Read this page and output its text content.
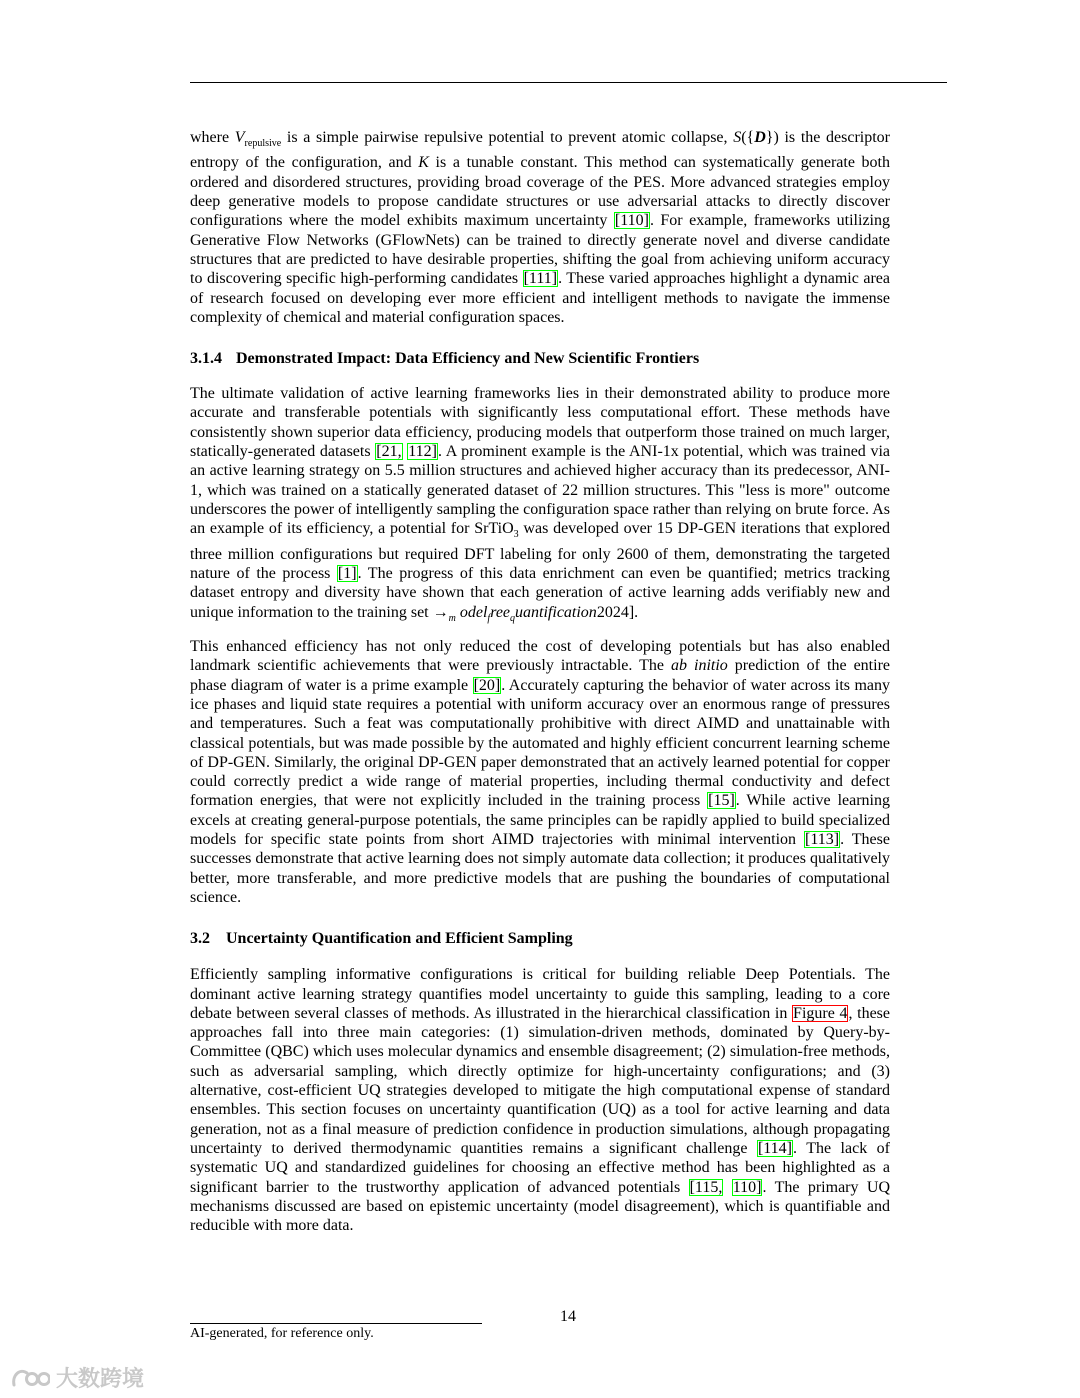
where $V_{repulsive}$ is a simple pairwise repulsive potential to prevent atomic collapse, S({D}) is the descriptor entropy of the configuration, and K is a tunable constant. This method can systematically generate both ordered and disordered structures, providing broad coverage of the PES. More advanced strategies employ deep generative models to propose candidate structures or use adversarial attacks to directly discover configurations where the model exhibits maximum uncertainty [110]. For example, frameworks utilizing Generative Flow Networks (GFlowNets) can be trained to directly generate novel and diverse candidate structures that are predicted to have desirable properties, shifting the goal from achieving uniform accuracy to discovering specific high-performing candidates [111]. These varied approaches highlight a dynamic area of research focused on developing ever more efficient and intelligent methods to navigate the immense complexity of chemical and material configuration spaces.

3.1.4 Demonstrated Impact: Data Efficiency and New Scientific Frontiers

The ultimate validation of active learning frameworks lies in their demonstrated ability to produce more accurate and transferable potentials with significantly less computational effort. These methods have consistently shown superior data efficiency, producing models that outperform those trained on much larger, statically-generated datasets [21, 112]. A prominent example is the ANI-1x potential, which was trained via an active learning strategy on 5.5 million structures and achieved higher accuracy than its predecessor, ANI-1, which was trained on a statically generated dataset of 22 million structures. This "less is more" outcome underscores the power of intelligently sampling the configuration space rather than relying on brute force. As an example of its efficiency, a potential for SrTiO$_3$ was developed over 15 DP-GEN iterations that explored three million configurations but required DFT labeling for only 2600 of them, demonstrating the targeted nature of the process [1]. The progress of this data enrichment can even be quantified; metrics tracking dataset entropy and diversity have shown that each generation of active learning adds verifiably new and unique information to the training set $\to_m$ odel$_f$ree$_q$uantification2024].

This enhanced efficiency has not only reduced the cost of developing potentials but has also enabled landmark scientific achievements that were previously intractable. The ab initio prediction of the entire phase diagram of water is a prime example [20]. Accurately capturing the behavior of water across its many ice phases and liquid state requires a potential with uniform accuracy over an enormous range of pressures and temperatures. Such a feat was computationally prohibitive with direct AIMD and unattainable with classical potentials, but was made possible by the automated and highly efficient concurrent learning scheme of DP-GEN. Similarly, the original DP-GEN paper demonstrated that an actively learned potential for copper could correctly predict a wide range of material properties, including thermal conductivity and defect formation energies, that were not explicitly included in the training process [15]. While active learning excels at creating general-purpose potentials, the same principles can be rapidly applied to build specialized models for specific state points from short AIMD trajectories with minimal intervention [113]. These successes demonstrate that active learning does not simply automate data collection; it produces qualitatively better, more transferable, and more predictive models that are pushing the boundaries of computational science.

3.2 Uncertainty Quantification and Efficient Sampling

Efficiently sampling informative configurations is critical for building reliable Deep Potentials. The dominant active learning strategy quantifies model uncertainty to guide this sampling, leading to a core debate between several classes of methods. As illustrated in the hierarchical classification in Figure 4, these approaches fall into three main categories: (1) simulation-driven methods, dominated by Query-by-Committee (QBC) which uses molecular dynamics and ensemble disagreement; (2) simulation-free methods, such as adversarial sampling, which directly optimize for high-uncertainty configurations; and (3) alternative, cost-efficient UQ strategies developed to mitigate the high computational expense of standard ensembles. This section focuses on uncertainty quantification (UQ) as a tool for active learning and data generation, not as a final measure of prediction confidence in production simulations, although propagating uncertainty to derived thermodynamic quantities remains a significant challenge [114]. The lack of systematic UQ and standardized guidelines for choosing an effective method has been highlighted as a significant barrier to the trustworthy application of advanced potentials [115, 110]. The primary UQ mechanisms discussed are based on epistemic uncertainty (model disagreement), which is quantifiable and reducible with more data.

14
AI-generated, for reference only.
大数跨境
